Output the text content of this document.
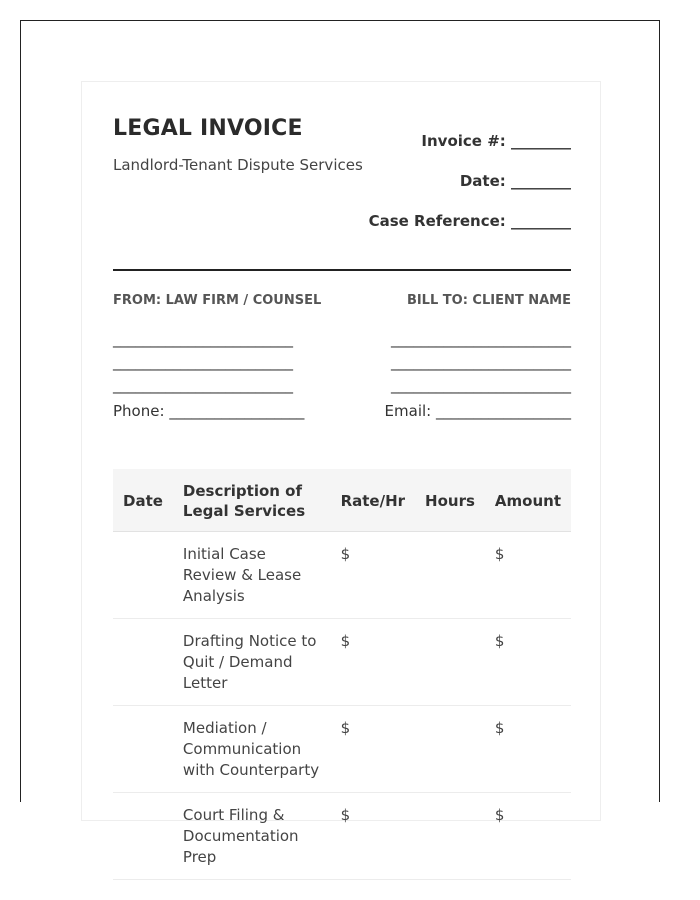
LEGAL INVOICE
Landlord-Tenant Dispute Services
Invoice #: ________
Date: ________
Case Reference: ________
FROM: LAW FIRM / COUNSEL	BILL TO: CLIENT NAME
________________________
________________________
________________________
Phone: __________________
________________________
________________________
________________________
Email: __________________
Date	Description of Legal Services	Rate/Hr	Hours	Amount
	Initial Case Review & Lease Analysis	$		$
	Drafting Notice to Quit / Demand Letter	$		$
	Mediation / Communication with Counterparty	$		$
	Court Filing & Documentation Prep	$		$
